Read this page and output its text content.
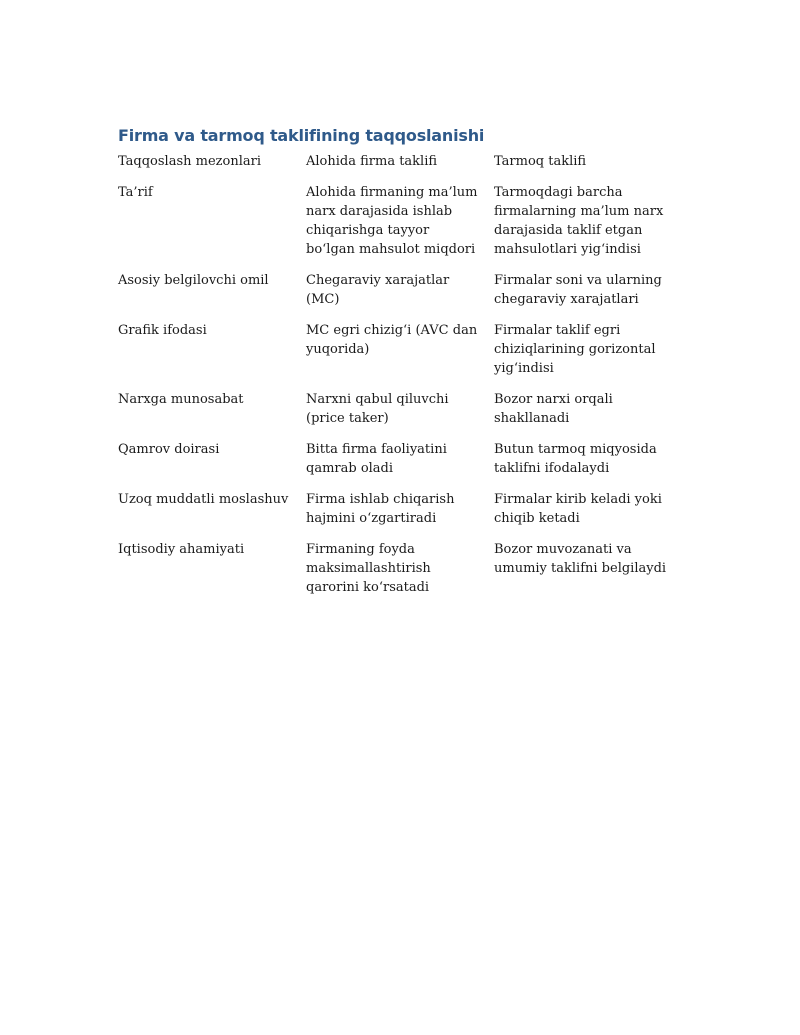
Firma va tarmoq taklifining taqqoslanishi
Taqqoslash mezonlari	Alohida firma taklifi	Tarmoq taklifi
Ta’rif	Alohida firmaning ma’lum narx darajasida ishlab chiqarishga tayyor bo‘lgan mahsulot miqdori	Tarmoqdagi barcha firmalarning ma’lum narx darajasida taklif etgan mahsulotlari yig‘indisi
Asosiy belgilovchi omil	Chegaraviy xarajatlar (MC)	Firmalar soni va ularning chegaraviy xarajatlari
Grafik ifodasi	MC egri chizig‘i (AVC dan yuqorida)	Firmalar taklif egri chiziqlarining gorizontal yig‘indisi
Narxga munosabat	Narxni qabul qiluvchi (price taker)	Bozor narxi orqali shakllanadi
Qamrov doirasi	Bitta firma faoliyatini qamrab oladi	Butun tarmoq miqyosida taklifni ifodalaydi
Uzoq muddatli moslashuv	Firma ishlab chiqarish hajmini o‘zgartiradi	Firmalar kirib keladi yoki chiqib ketadi
Iqtisodiy ahamiyati	Firmaning foyda maksimallashtirish qarorini ko‘rsatadi	Bozor muvozanati va umumiy taklifni belgilaydi
